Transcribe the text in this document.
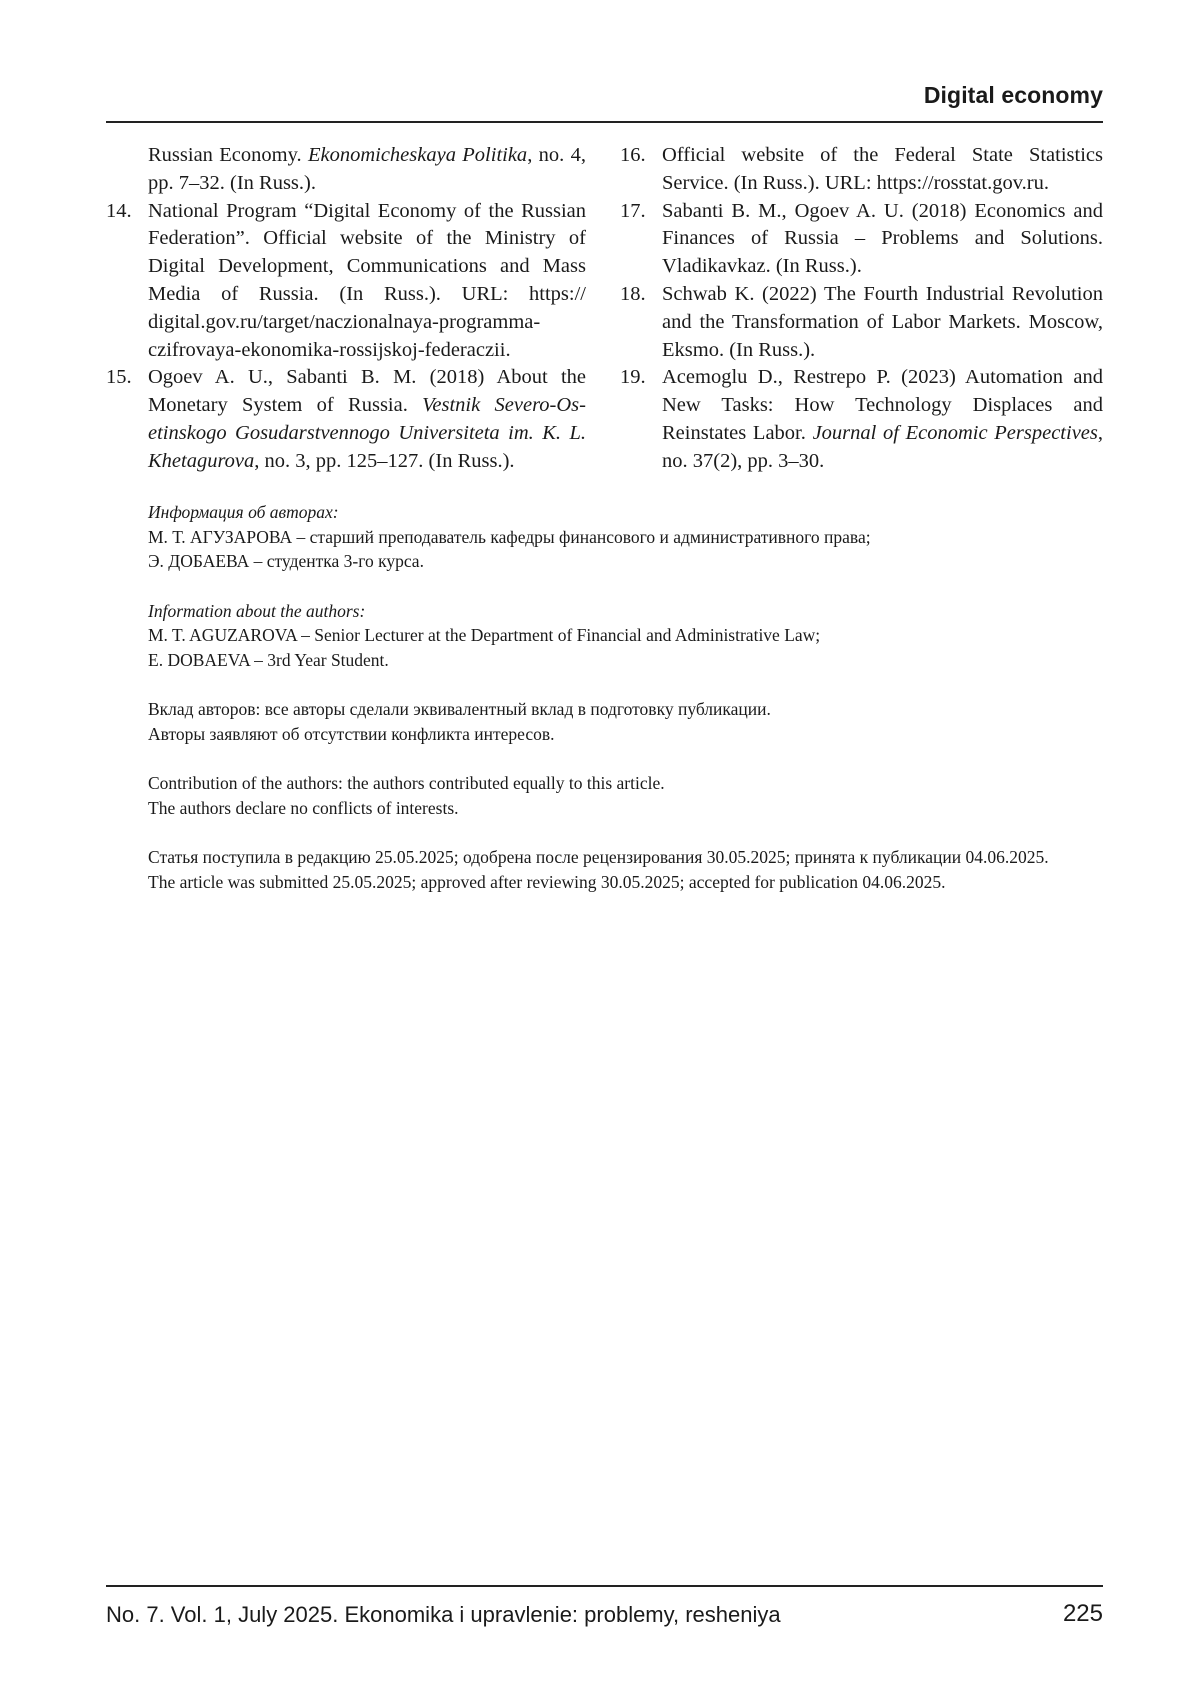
Digital economy
Russian Economy. Ekonomicheskaya Politika, no. 4, pp. 7–32. (In Russ.).
14. National Program “Digital Economy of the Russian Federation”. Official website of the Ministry of Digital Development, Communications and Mass Media of Russia. (In Russ.). URL: https://​digital.gov.ru/target/naczionalnaya-programma-czifrovaya-ekonomika-rossijskoj-federaczii.
15. Ogoev A. U., Sabanti B. M. (2018) About the Monetary System of Russia. Vestnik Severo-Osetinskogo Gosudarstvennogo Universiteta im. K. L. Khetagurova, no. 3, pp. 125–127. (In Russ.).
16. Official website of the Federal State Statistics Service. (In Russ.). URL: https://rosstat.gov.ru.
17. Sabanti B. M., Ogoev A. U. (2018) Economics and Finances of Russia – Problems and Solutions. Vladikavkaz. (In Russ.).
18. Schwab K. (2022) The Fourth Industrial Revolution and the Transformation of Labor Markets. Moscow, Eksmo. (In Russ.).
19. Acemoglu D., Restrepo P. (2023) Automation and New Tasks: How Technology Displaces and Reinstates Labor. Journal of Economic Perspectives, no. 37(2), pp. 3–30.

Информация об авторах:

М. Т. АГУЗАРОВА – старший преподаватель кафедры финансового и административного права;

Э. ДОБАЕВА – студентка 3-го курса.

Information about the authors:

M. T. AGUZAROVA – Senior Lecturer at the Department of Financial and Administrative Law;

E. DOBAEVA – 3rd Year Student.

Вклад авторов: все авторы сделали эквивалентный вклад в подготовку публикации.

Авторы заявляют об отсутствии конфликта интересов.

Contribution of the authors: the authors contributed equally to this article.

The authors declare no conflicts of interests.

Статья поступила в редакцию 25.05.2025; одобрена после рецензирования 30.05.2025; принята к публикации 04.06.2025.

The article was submitted 25.05.2025; approved after reviewing 30.05.2025; accepted for publication 04.06.2025.

No. 7. Vol. 1, July 2025. Ekonomika i upravlenie: problemy, resheniya	225
